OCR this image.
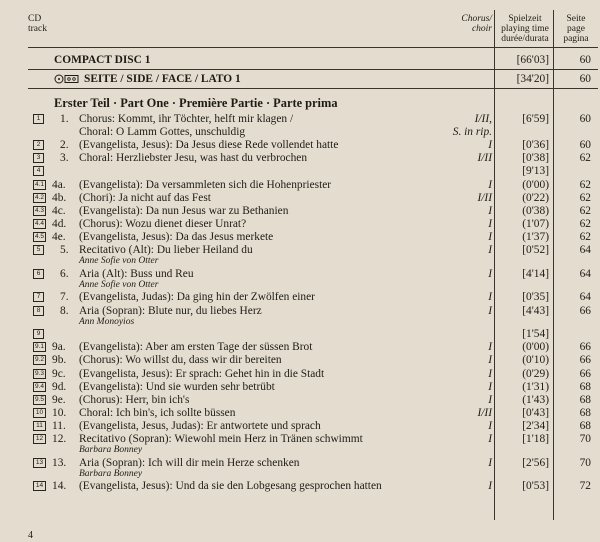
CD
track
Chorus/
choir
Spielzeit
playing time
durée/durata
Seite
page
pagina
COMPACT DISC 1	[66'03]	60
SEITE / SIDE / FACE / LATO 1	[34'20]	60
Erster Teil · Part One · Première Partie · Parte prima
1	1. Chorus: Kommt, ihr Töchter, helft mir klagen /	I/II,	[6'59]	60
Choral: O Lamm Gottes, unschuldig	S. in rip.
2	2. (Evangelista, Jesus): Da Jesus diese Rede vollendet hatte	I	[0'36]	60
3	3. Choral: Herzliebster Jesu, was hast du verbrochen	I/II	[0'38]	62
4	[9'13]
4.1 4a. (Evangelista): Da versammleten sich die Hohenpriester	I	(0'00)	62
4.2 4b. (Chori): Ja nicht auf das Fest	I/II	(0'22)	62
4.3 4c. (Evangelista): Da nun Jesus war zu Bethanien	I	(0'38)	62
4.4 4d. (Chorus): Wozu dienet dieser Unrat?	I	(1'07)	62
4.5 4e. (Evangelista, Jesus): Da das Jesus merkete	I	(1'37)	62
5	5. Recitativo (Alt): Du lieber Heiland du	I	[0'52]	64
Anne Sofie von Otter
6	6. Aria (Alt): Buss und Reu	I	[4'14]	64
Anne Sofie von Otter
7	7. (Evangelista, Judas): Da ging hin der Zwölfen einer	I	[0'35]	64
8	8. Aria (Sopran): Blute nur, du liebes Herz	I	[4'43]	66
Ann Monoyios
9	[1'54]
9.1 9a. (Evangelista): Aber am ersten Tage der süssen Brot	I	(0'00)	66
9.2 9b. (Chorus): Wo willst du, dass wir dir bereiten	I	(0'10)	66
9.3 9c. (Evangelista, Jesus): Er sprach: Gehet hin in die Stadt	I	(0'29)	66
9.4 9d. (Evangelista): Und sie wurden sehr betrübt	I	(1'31)	68
9.5 9e. (Chorus): Herr, bin ich's	I	(1'43)	68
10 10. Choral: Ich bin's, ich sollte büssen	I/II	[0'43]	68
11 11. (Evangelista, Jesus, Judas): Er antwortete und sprach	I	[2'34]	68
12 12. Recitativo (Sopran): Wiewohl mein Herz in Tränen schwimmt	I	[1'18]	70
Barbara Bonney
13 13. Aria (Sopran): Ich will dir mein Herze schenken	I	[2'56]	70
Barbara Bonney
14 14. (Evangelista, Jesus): Und da sie den Lobgesang gesprochen hatten	I	[0'53]	72
4
